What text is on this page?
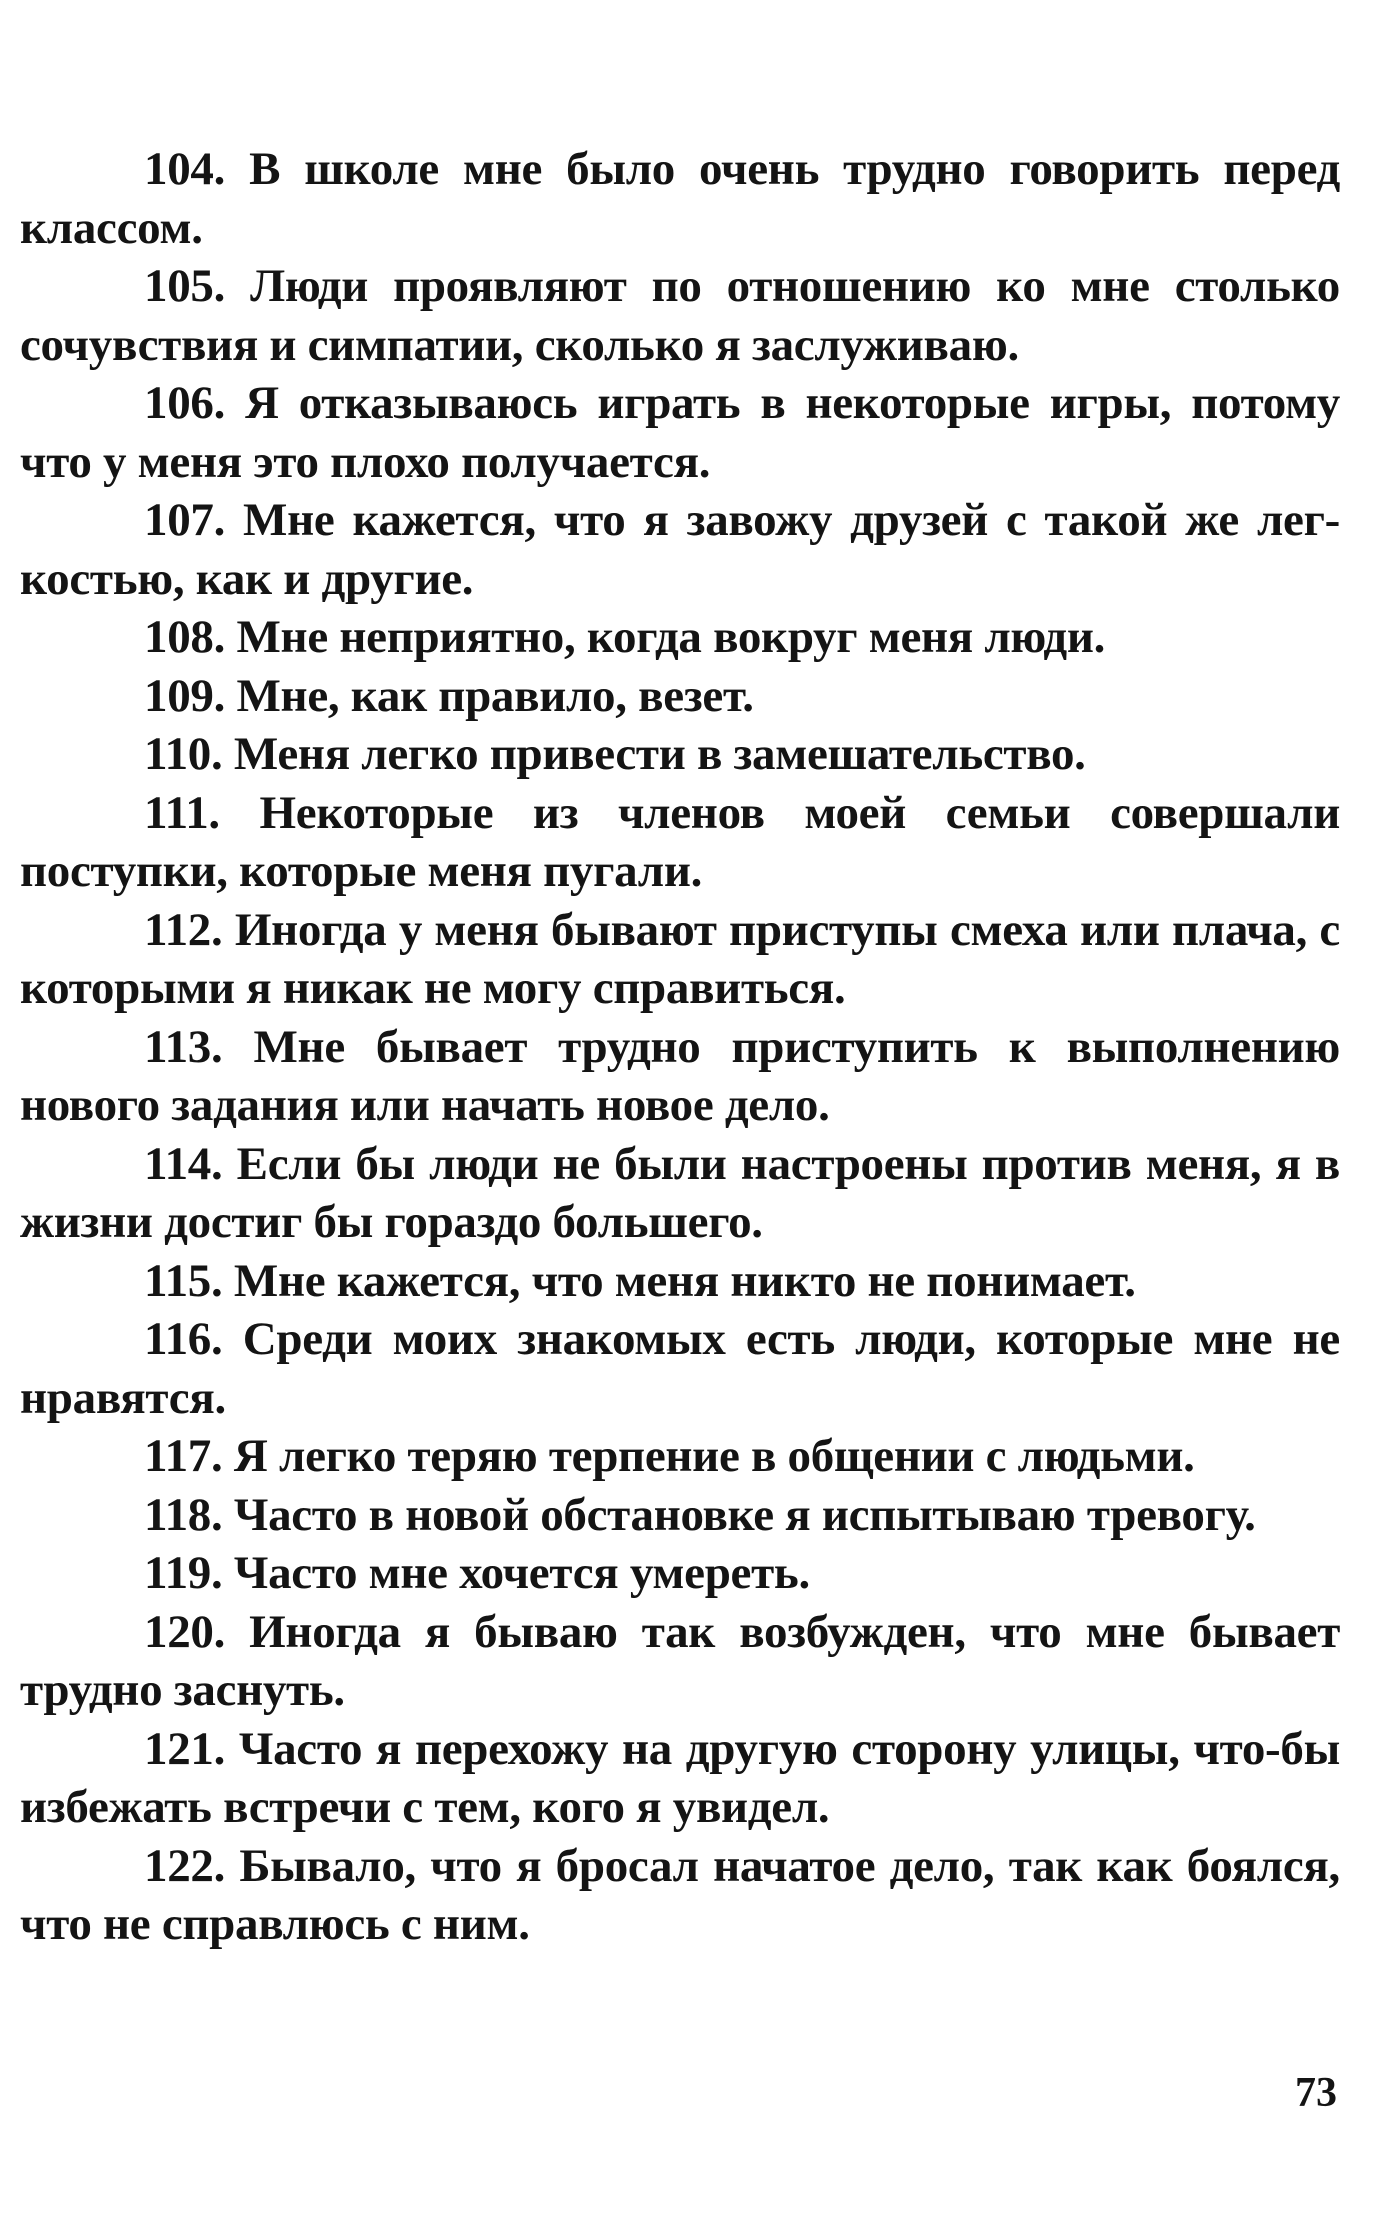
104. В школе мне было очень трудно говорить перед классом.

105. Люди проявляют по отношению ко мне столько сочувствия и симпатии, сколько я заслуживаю.

106. Я отказываюсь играть в некоторые игры, потому что у меня это плохо получается.

107. Мне кажется, что я завожу друзей с такой же лег-костью, как и другие.

108. Мне неприятно, когда вокруг меня люди.

109. Мне, как правило, везет.

110. Меня легко привести в замешательство.

111. Некоторые из членов моей семьи совершали поступки, которые меня пугали.

112. Иногда у меня бывают приступы смеха или плача, с которыми я никак не могу справиться.

113. Мне бывает трудно приступить к выполнению нового задания или начать новое дело.

114. Если бы люди не были настроены против меня, я в жизни достиг бы гораздо большего.

115. Мне кажется, что меня никто не понимает.

116. Среди моих знакомых есть люди, которые мне не нравятся.

117. Я легко теряю терпение в общении с людьми.

118. Часто в новой обстановке я испытываю тревогу.

119. Часто мне хочется умереть.

120. Иногда я бываю так возбужден, что мне бывает трудно заснуть.

121. Часто я перехожу на другую сторону улицы, что-бы избежать встречи с тем, кого я увидел.

122. Бывало, что я бросал начатое дело, так как боялся, что не справлюсь с ним.

73
